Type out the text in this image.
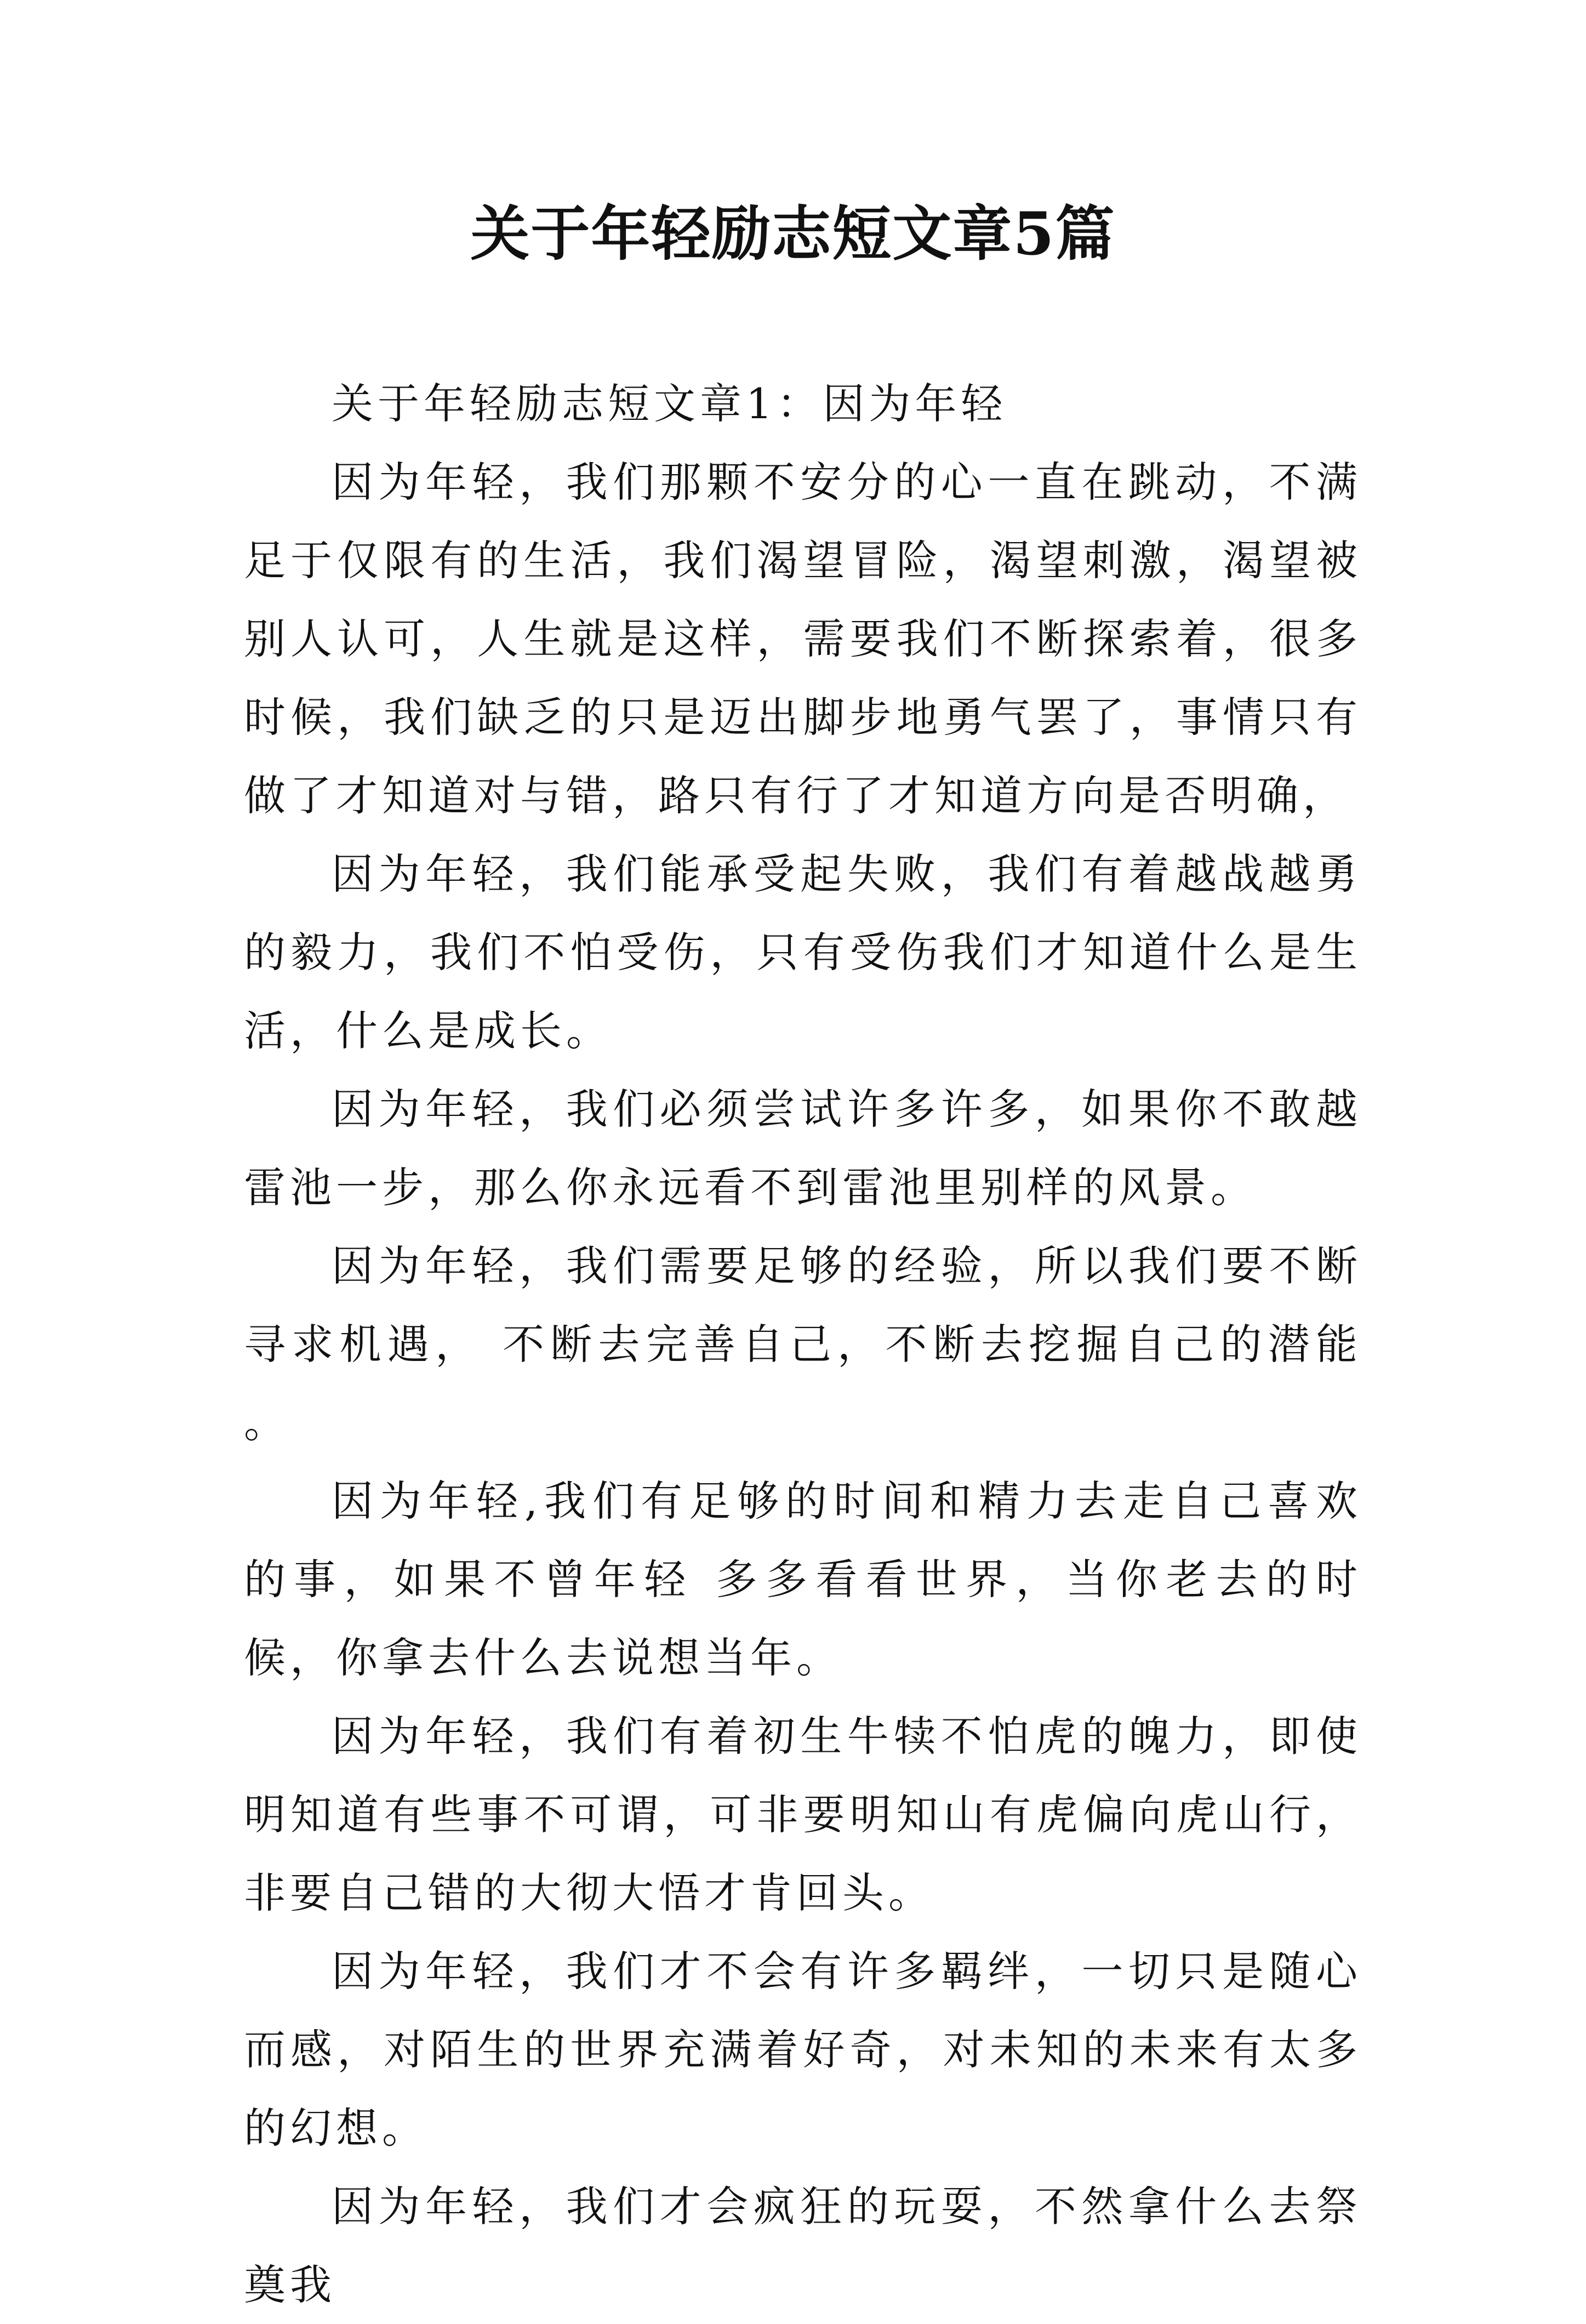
关于年轻励志短文章5篇

关于年轻励志短文章1：因为年轻

因为年轻，我们那颗不安分的心一直在跳动，不满足于仅限有的生活，我们渴望冒险，渴望刺激，渴望被别人认可，人生就是这样，需要我们不断探索着，很多时候，我们缺乏的只是迈出脚步地勇气罢了，事情只有做了才知道对与错，路只有行了才知道方向是否明确，

因为年轻，我们能承受起失败，我们有着越战越勇的毅力，我们不怕受伤，只有受伤我们才知道什么是生活，什么是成长。

因为年轻，我们必须尝试许多许多，如果你不敢越雷池一步，那么你永远看不到雷池里别样的风景。

因为年轻，我们需要足够的经验，所以我们要不断寻求机遇， 不断去完善自己，不断去挖掘自己的潜能 。

因为年轻,我们有足够的时间和精力去走自己喜欢的事，如果不曾年轻 多多看看世界，当你老去的时候，你拿去什么去说想当年。

因为年轻，我们有着初生牛犊不怕虎的魄力，即使明知道有些事不可谓，可非要明知山有虎偏向虎山行，非要自己错的大彻大悟才肯回头。

因为年轻，我们才不会有许多羁绊，一切只是随心而感，对陌生的世界充满着好奇，对未知的未来有太多的幻想。

因为年轻，我们才会疯狂的玩耍，不然拿什么去祭奠我
